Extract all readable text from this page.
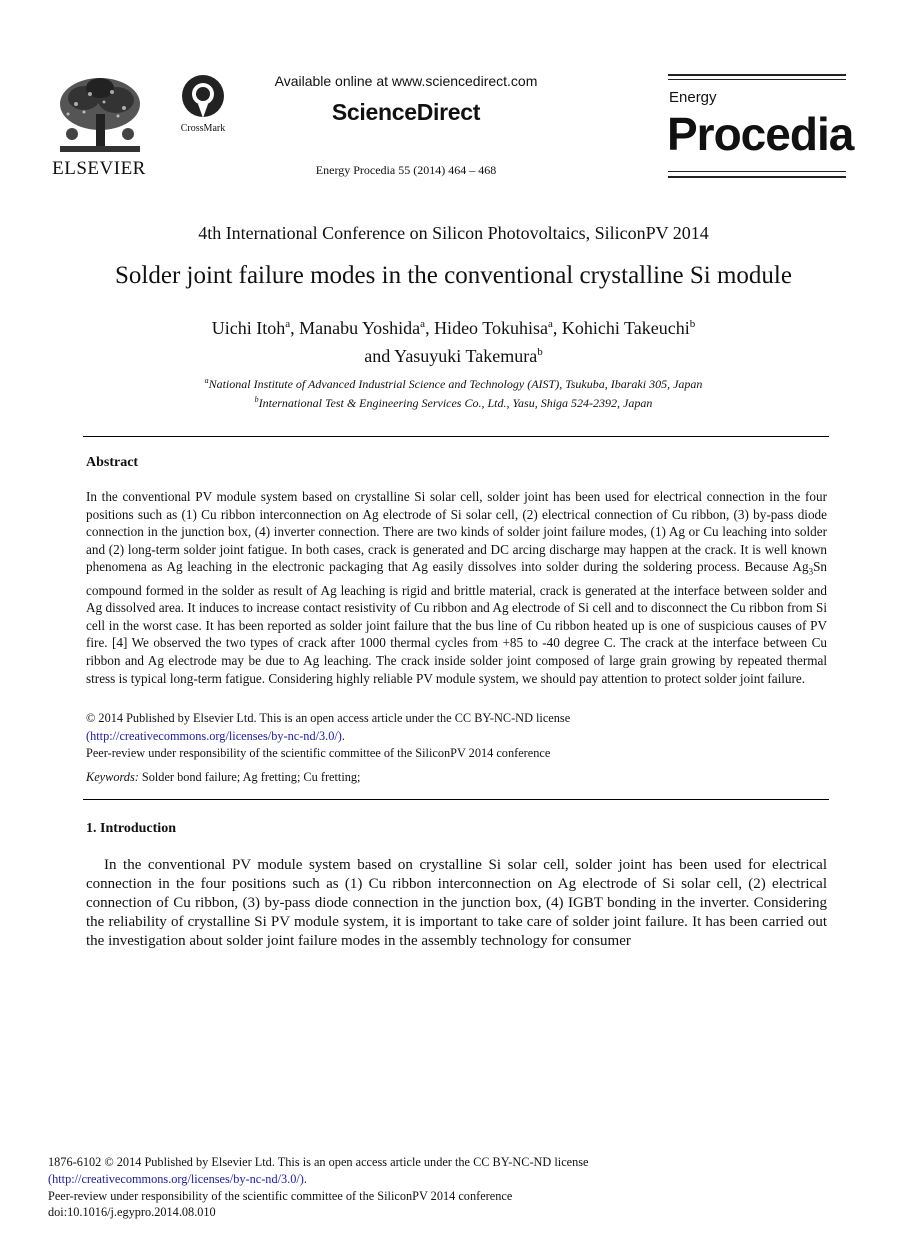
ELSEVIER
CrossMark
Available online at www.sciencedirect.com
ScienceDirect
Energy Procedia 55 (2014) 464 – 468
Energy
Procedia
4th International Conference on Silicon Photovoltaics, SiliconPV 2014
Solder joint failure modes in the conventional crystalline Si module
Uichi Itoh$^a$, Manabu Yoshida$^a$, Hideo Tokuhisa$^a$, Kohichi Takeuchi$^b$
and Yasuyuki Takemura$^b$
$^a$National Institute of Advanced Industrial Science and Technology (AIST), Tsukuba, Ibaraki 305, Japan
$^b$International Test & Engineering Services Co., Ltd., Yasu, Shiga 524-2392, Japan
Abstract
In the conventional PV module system based on crystalline Si solar cell, solder joint has been used for electrical connection in the four positions such as (1) Cu ribbon interconnection on Ag electrode of Si solar cell, (2) electrical connection of Cu ribbon, (3) by-pass diode connection in the junction box, (4) inverter connection. There are two kinds of solder joint failure modes, (1) Ag or Cu leaching into solder and (2) long-term solder joint fatigue. In both cases, crack is generated and DC arcing discharge may happen at the crack. It is well known phenomena as Ag leaching in the electronic packaging that Ag easily dissolves into solder during the soldering process. Because $Ag_3Sn$ compound formed in the solder as result of Ag leaching is rigid and brittle material, crack is generated at the interface between solder and Ag dissolved area. It induces to increase contact resistivity of Cu ribbon and Ag electrode of Si cell and to disconnect the Cu ribbon from Si cell in the worst case. It has been reported as solder joint failure that the bus line of Cu ribbon heated up is one of suspicious causes of PV fire. [4] We observed the two types of crack after 1000 thermal cycles from +85 to -40 degree C. The crack at the interface between Cu ribbon and Ag electrode may be due to Ag leaching. The crack inside solder joint composed of large grain growing by repeated thermal stress is typical long-term fatigue. Considering highly reliable PV module system, we should pay attention to protect solder joint failure.
© 2014 Published by Elsevier Ltd. This is an open access article under the CC BY-NC-ND license
(http://creativecommons.org/licenses/by-nc-nd/3.0/).
Peer-review under responsibility of the scientific committee of the SiliconPV 2014 conference
Keywords: Solder bond failure; Ag fretting; Cu fretting;
1. Introduction
In the conventional PV module system based on crystalline Si solar cell, solder joint has been used for electrical connection in the four positions such as (1) Cu ribbon interconnection on Ag electrode of Si solar cell, (2) electrical connection of Cu ribbon, (3) by-pass diode connection in the junction box, (4) IGBT bonding in the inverter. Considering the reliability of crystalline Si PV module system, it is important to take care of solder joint failure. It has been carried out the investigation about solder joint failure modes in the assembly technology for consumer
1876-6102 © 2014 Published by Elsevier Ltd. This is an open access article under the CC BY-NC-ND license
(http://creativecommons.org/licenses/by-nc-nd/3.0/).
Peer-review under responsibility of the scientific committee of the SiliconPV 2014 conference
doi:10.1016/j.egypro.2014.08.010
